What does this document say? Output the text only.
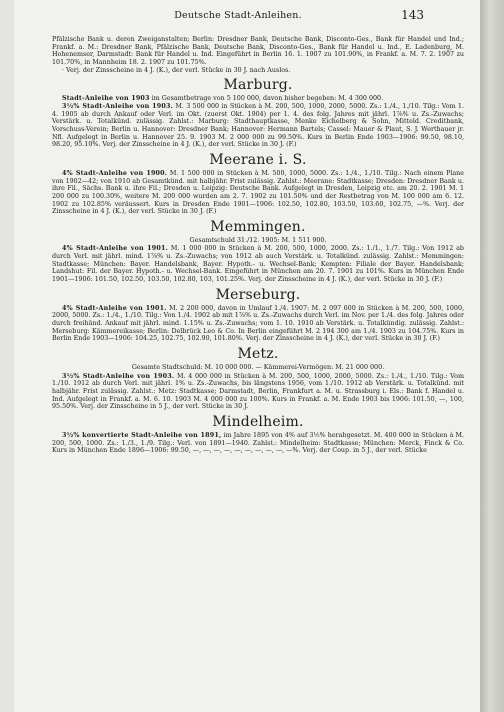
Deutsche Stadt-Anleihen.	143

Pfälzische Bank u. deren Zweiganstalten; Berlin: Dresdner Bank, Deutsche Bank, Disconto-Ges., Bank für Handel und Ind.; Frankf. a. M.: Dresdner Bank, Pfälzische Bank, Deutsche Bank, Disconto-Ges., Bank für Handel u. Ind., E. Ladenburg, M. Hohenemser, Darmstadt: Bank für Handel u. Ind. Eingeführt in Berlin 16. 1. 1907 zu 101.90%, in Frankf. a. M. 7. 2. 1907 zu 101.70%, in Mannheim 18. 2. 1907 zu 101.75%.

· Verj. der Zinsscheine in 4 J. (K.), der verl. Stücke in 30 J. nach Auslos.

Marburg.

Stadt-Anleihe von 1903 im Gesamtbetrage von 5 100 000, davon bisher begeben: M. 4 300 000.

3½% Stadt-Anleihe von 1903. M. 3 500 000 in Stücken à M. 200, 500, 1000, 2000, 5000. Zs.: 1./4., 1./10. Tilg.: Vom 1. 4. 1905 ab durch Ankauf oder Verl. im Okt. (zuerst Okt. 1904) per 1. 4. des folg. Jahres mit jährl. 1⅞% u. Zs.-Zuwachs; Verstärk. u. Totalkünd. zulässig. Zahlst.: Marburg: Stadthauptkasse, Menke Eichelberg & Sohn, Mitteld. Creditbank, Vorschuss-Verein; Berlin u. Hannover: Dresdner Bank; Hannover: Hermann Bartels; Cassel: Mauer & Plaut, S. J. Werthauer jr. Nfl. Aufgelegt in Berlin u. Hannover 25. 9. 1903 M. 2 000 000 zu 99.50%. Kurs in Berlin Ende 1903—1906: 99.50, 98.10, 98.20, 95.10%. Verj. der Zinsscheine in 4 J. (K.), der verl. Stücke in 30 J. (F.)

Meerane i. S.

4% Stadt-Anleihe von 1900. M. 1 500 000 in Stücken à M. 500, 1000, 5000. Zs.: 1./4., 1./10. Tilg.: Nach einem Plane von 1902—42; von 1910 ab Gesamtkünd. mit halbjähr. Frist zulässig. Zahlst.: Meerane: Stadtkasse; Dresden: Dresdner Bank u. ihre Fil., Sächs. Bank u. ihre Fil.; Dresden u. Leipzig: Deutsche Bank. Aufgelegt in Dresden, Leipzig etc. am 20. 2. 1901 M. 1 200 000 zu 100.30%, weitere M. 200 000 wurden am 2. 7. 1902 zu 101.50% und der Restbetrag von M. 100 000 am 6. 12. 1902 zu 102.85% veräussert. Kurs in Dresden Ende 1901—1906: 102.50, 102.80, 103.50, 103.60, 102.75, —%. Verj. der Zinsscheine in 4 J. (K.), der verl. Stücke in 30 J. (F.)

Memmingen.
Gesamtschuld 31./12. 1905: M. 1 511 900.

4% Stadt-Anleihe von 1901. M. 1 000 000 in Stücken à M. 200, 500, 1000, 2000. Zs.: 1./1., 1./7. Tilg.: Von 1912 ab durch Verl. mit jährl. mind. 1⅞% u. Zs.-Zuwachs; von 1912 ab auch Verstärk. u. Totalkünd. zulässig. Zahlst.: Memmingen: Stadtkasse; München: Bayer. Handelsbank, Bayer. Hypoth.- u. Wechsel-Bank; Kempten: Filiale der Bayer. Handelsbank; Landshut: Fil. der Bayer. Hypoth.- u. Wechsel-Bank. Eingeführt in München am 20. 7. 1901 zu 101%. Kurs in München Ende 1901—1906: 101.50, 102.50, 103.50, 102.80, 103, 101.25%. Verj. der Zinsscheine in 4 J. (K.), der verl. Stücke in 30 J. (F.)

Merseburg.

4% Stadt-Anleihe von 1901. M. 2 200 000, davon in Umlauf 1./4. 1907: M. 2 097 600 in Stücken à M. 200, 500, 1000, 2000, 5000. Zs.: 1./4., 1./10. Tilg.: Von 1./4. 1902 ab mit 1⅞% u. Zs.-Zuwachs durch Verl. im Nov. per 1./4. des folg. Jahres oder durch freihänd. Ankauf mit jährl. mind. 1.15% u. Zs.-Zuwachs; vom 1. 10. 1910 ab Verstärk. u. Totalkündig. zulässig. Zahlst.: Merseburg: Kämmereikasse; Berlin: Delbrück Leo & Co. In Berlin eingeführt M. 2 194 300 am 1./4. 1903 zu 104.75%. Kurs in Berlin Ende 1903—1906: 104.25, 102.75, 102.90, 101.80%. Verj. der Zinsscheine in 4 J. (K.), der verl. Stücke in 30 J. (F.)

Metz.
Gesamte Stadtschuld: M. 10 000 000. — Kämmerei-Vermögen: M. 21 000 000.

3½% Stadt-Anleihe von 1903. M. 4 000 000 in Stücken à M. 200, 500, 1000, 2000, 5000. Zs.: 1./4., 1./10. Tilg.: Vom 1./10. 1912 ab durch Verl. mit jährl. 1% u. Zs.-Zuwachs, bis längstens 1956, vom 1./10. 1912 ab Verstärk. u. Totalkünd. mit halbjähr. Frist zulässig. Zahlst.: Metz: Stadtkasse; Darmstadt, Berlin, Frankfurt a. M. u. Strassburg i. Els.: Bank f. Handel u. Ind. Aufgelegt in Frankf. a. M. 6. 10. 1903 M. 4 000 000 zu 100%. Kurs in Frankf. a. M. Ende 1903 bis 1906: 101.50, —, 100, 95.50%. Verj. der Zinsscheine in 5 J., der verl. Stücke in 30 J.

Mindelheim.

3½% konvertierte Stadt-Anleihe von 1891, im Jahre 1895 von 4% auf 3½% herabgesetzt. M. 400 000 in Stücken à M. 200, 500, 1000. Zs.: 1./3., 1./9. Tilg.: Verl. von 1891—1940. Zahlst.: Mindelheim: Stadtkasse; München: Merck, Finck & Co. Kurs in München Ende 1896—1906: 99.50, —, —, —, —, —, —, —, —, —, —%. Verj. der Coup. in 5 J., der verl. Stücke
